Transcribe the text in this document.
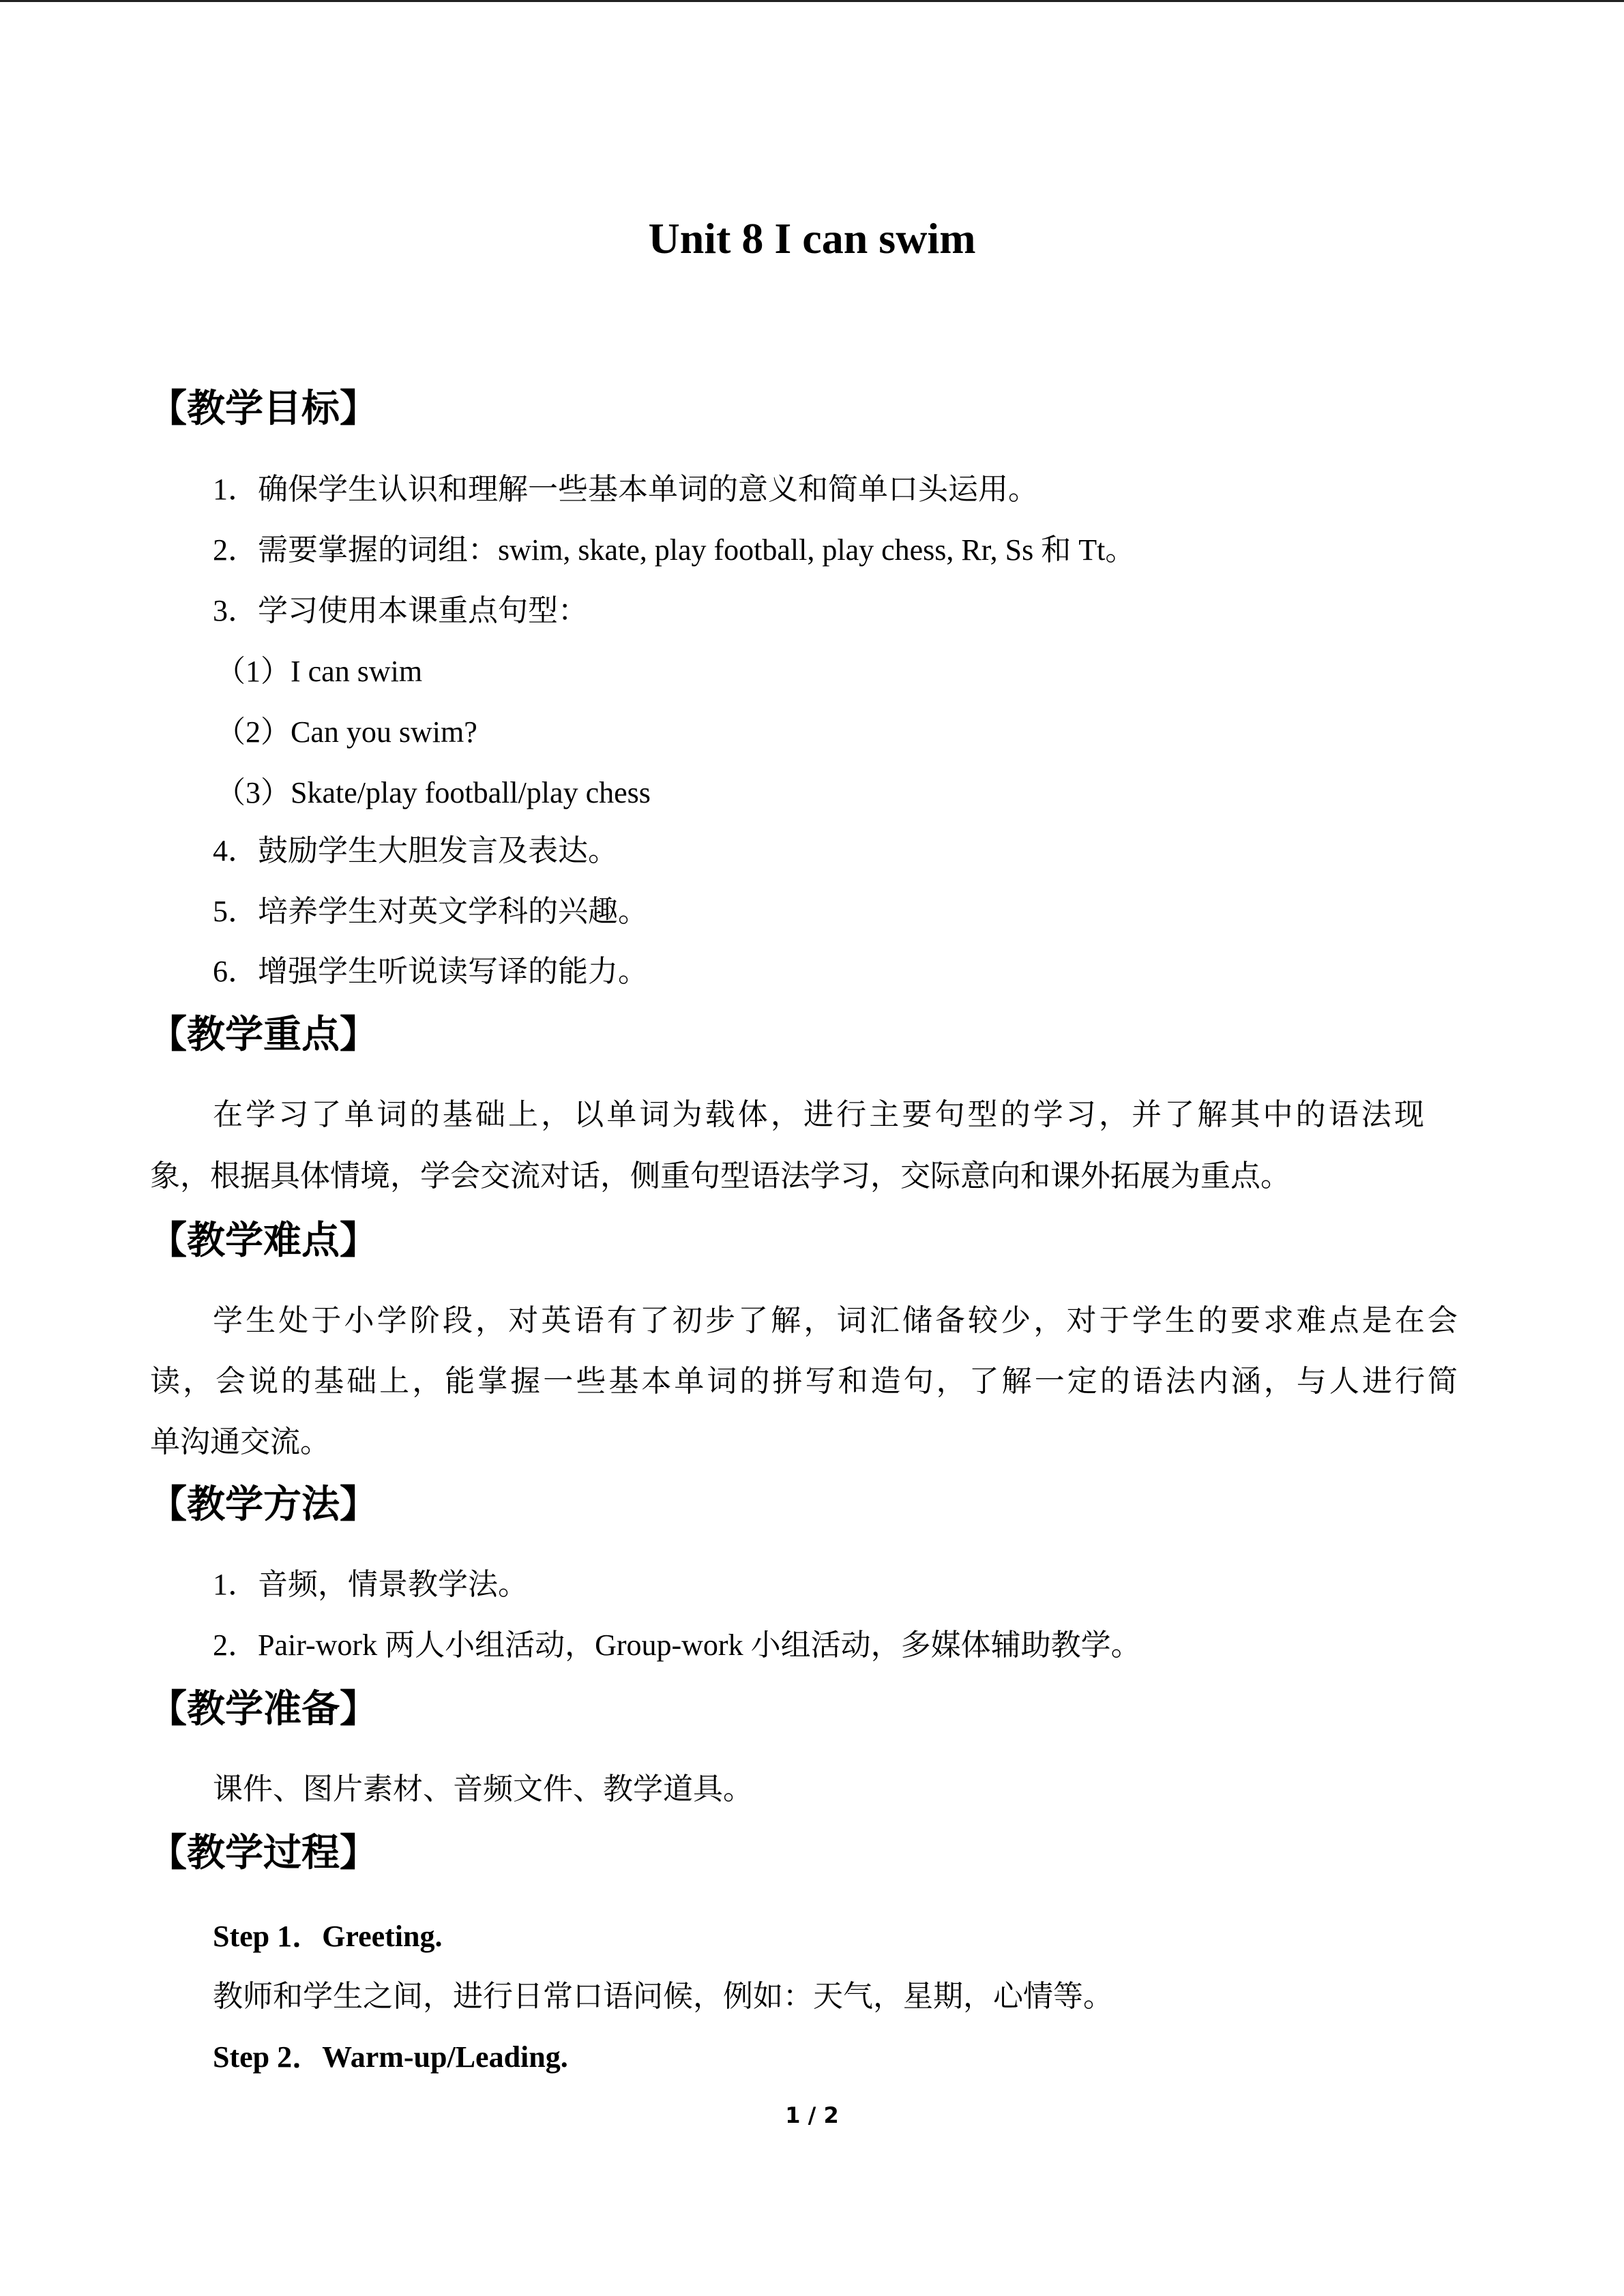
Unit 8 I can swim
【教学目标】
1．确保学生认识和理解一些基本单词的意义和简单口头运用。
2．需要掌握的词组：swim, skate, play football, play chess, Rr, Ss 和 Tt。
3．学习使用本课重点句型：
（1）I can swim
（2）Can you swim?
（3）Skate/play football/play chess
4．鼓励学生大胆发言及表达。
5．培养学生对英文学科的兴趣。
6．增强学生听说读写译的能力。
【教学重点】
在学习了单词的基础上，以单词为载体，进行主要句型的学习，并了解其中的语法现
象，根据具体情境，学会交流对话，侧重句型语法学习，交际意向和课外拓展为重点。
【教学难点】
学生处于小学阶段，对英语有了初步了解，词汇储备较少，对于学生的要求难点是在会
读，会说的基础上，能掌握一些基本单词的拼写和造句，了解一定的语法内涵，与人进行简
单沟通交流。
【教学方法】
1．音频，情景教学法。
2．Pair-work 两人小组活动，Group-work 小组活动，多媒体辅助教学。
【教学准备】
课件、图片素材、音频文件、教学道具。
【教学过程】
Step 1．Greeting.
教师和学生之间，进行日常口语问候，例如：天气，星期，心情等。
Step 2．Warm-up/Leading.
1 / 2
